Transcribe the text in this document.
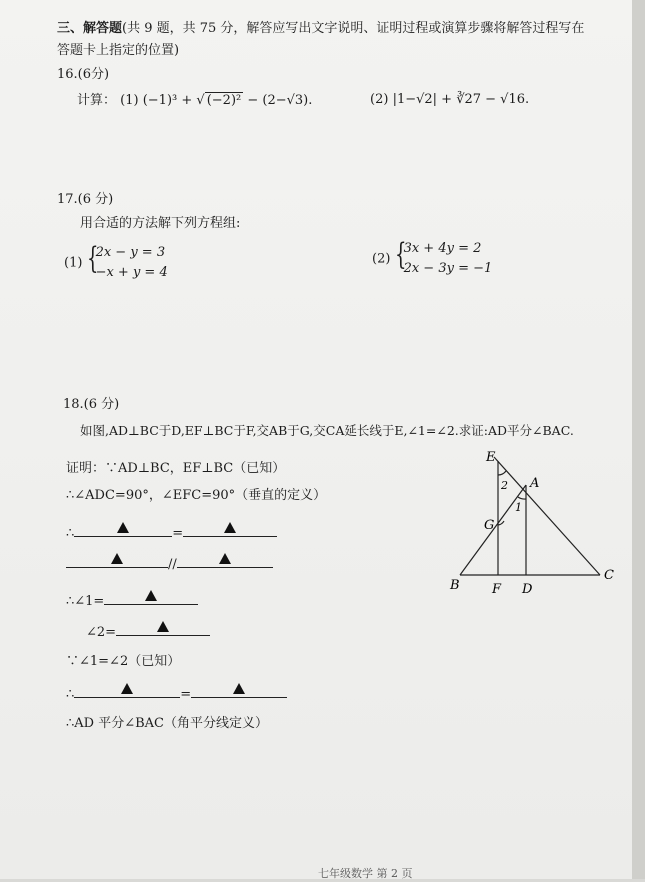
三、解答题(共 9 题，共 75 分，解答应写出文字说明、证明过程或演算步骤将解答过程写在
答题卡上指定的位置)
16.(6分)
计算： (1) (−1)³ + √ (−2)² − (2−√3).	(2) |1−√2| + ∛27 − √16.
17.(6 分)
用合适的方法解下列方程组:
(1) {
2x − y = 3
−x + y = 4
(2) {
3x + 4y = 2
2x − 3y = −1
18.(6 分)
如图,AD⊥BC于D,EF⊥BC于F,交AB于G,交CA延长线于E,∠1=∠2.求证:AD平分∠BAC.
证明：∵AD⊥BC，EF⊥BC（已知）
∴∠ADC=90°，∠EFC=90°（垂直的定义）
∴	=
//
∴∠1=
∠2=
∵∠1=∠2（已知）
∴	=
∴AD 平分∠BAC（角平分线定义）
E
A
G
B F D
C
2
1
七年级数学 第 2 页
